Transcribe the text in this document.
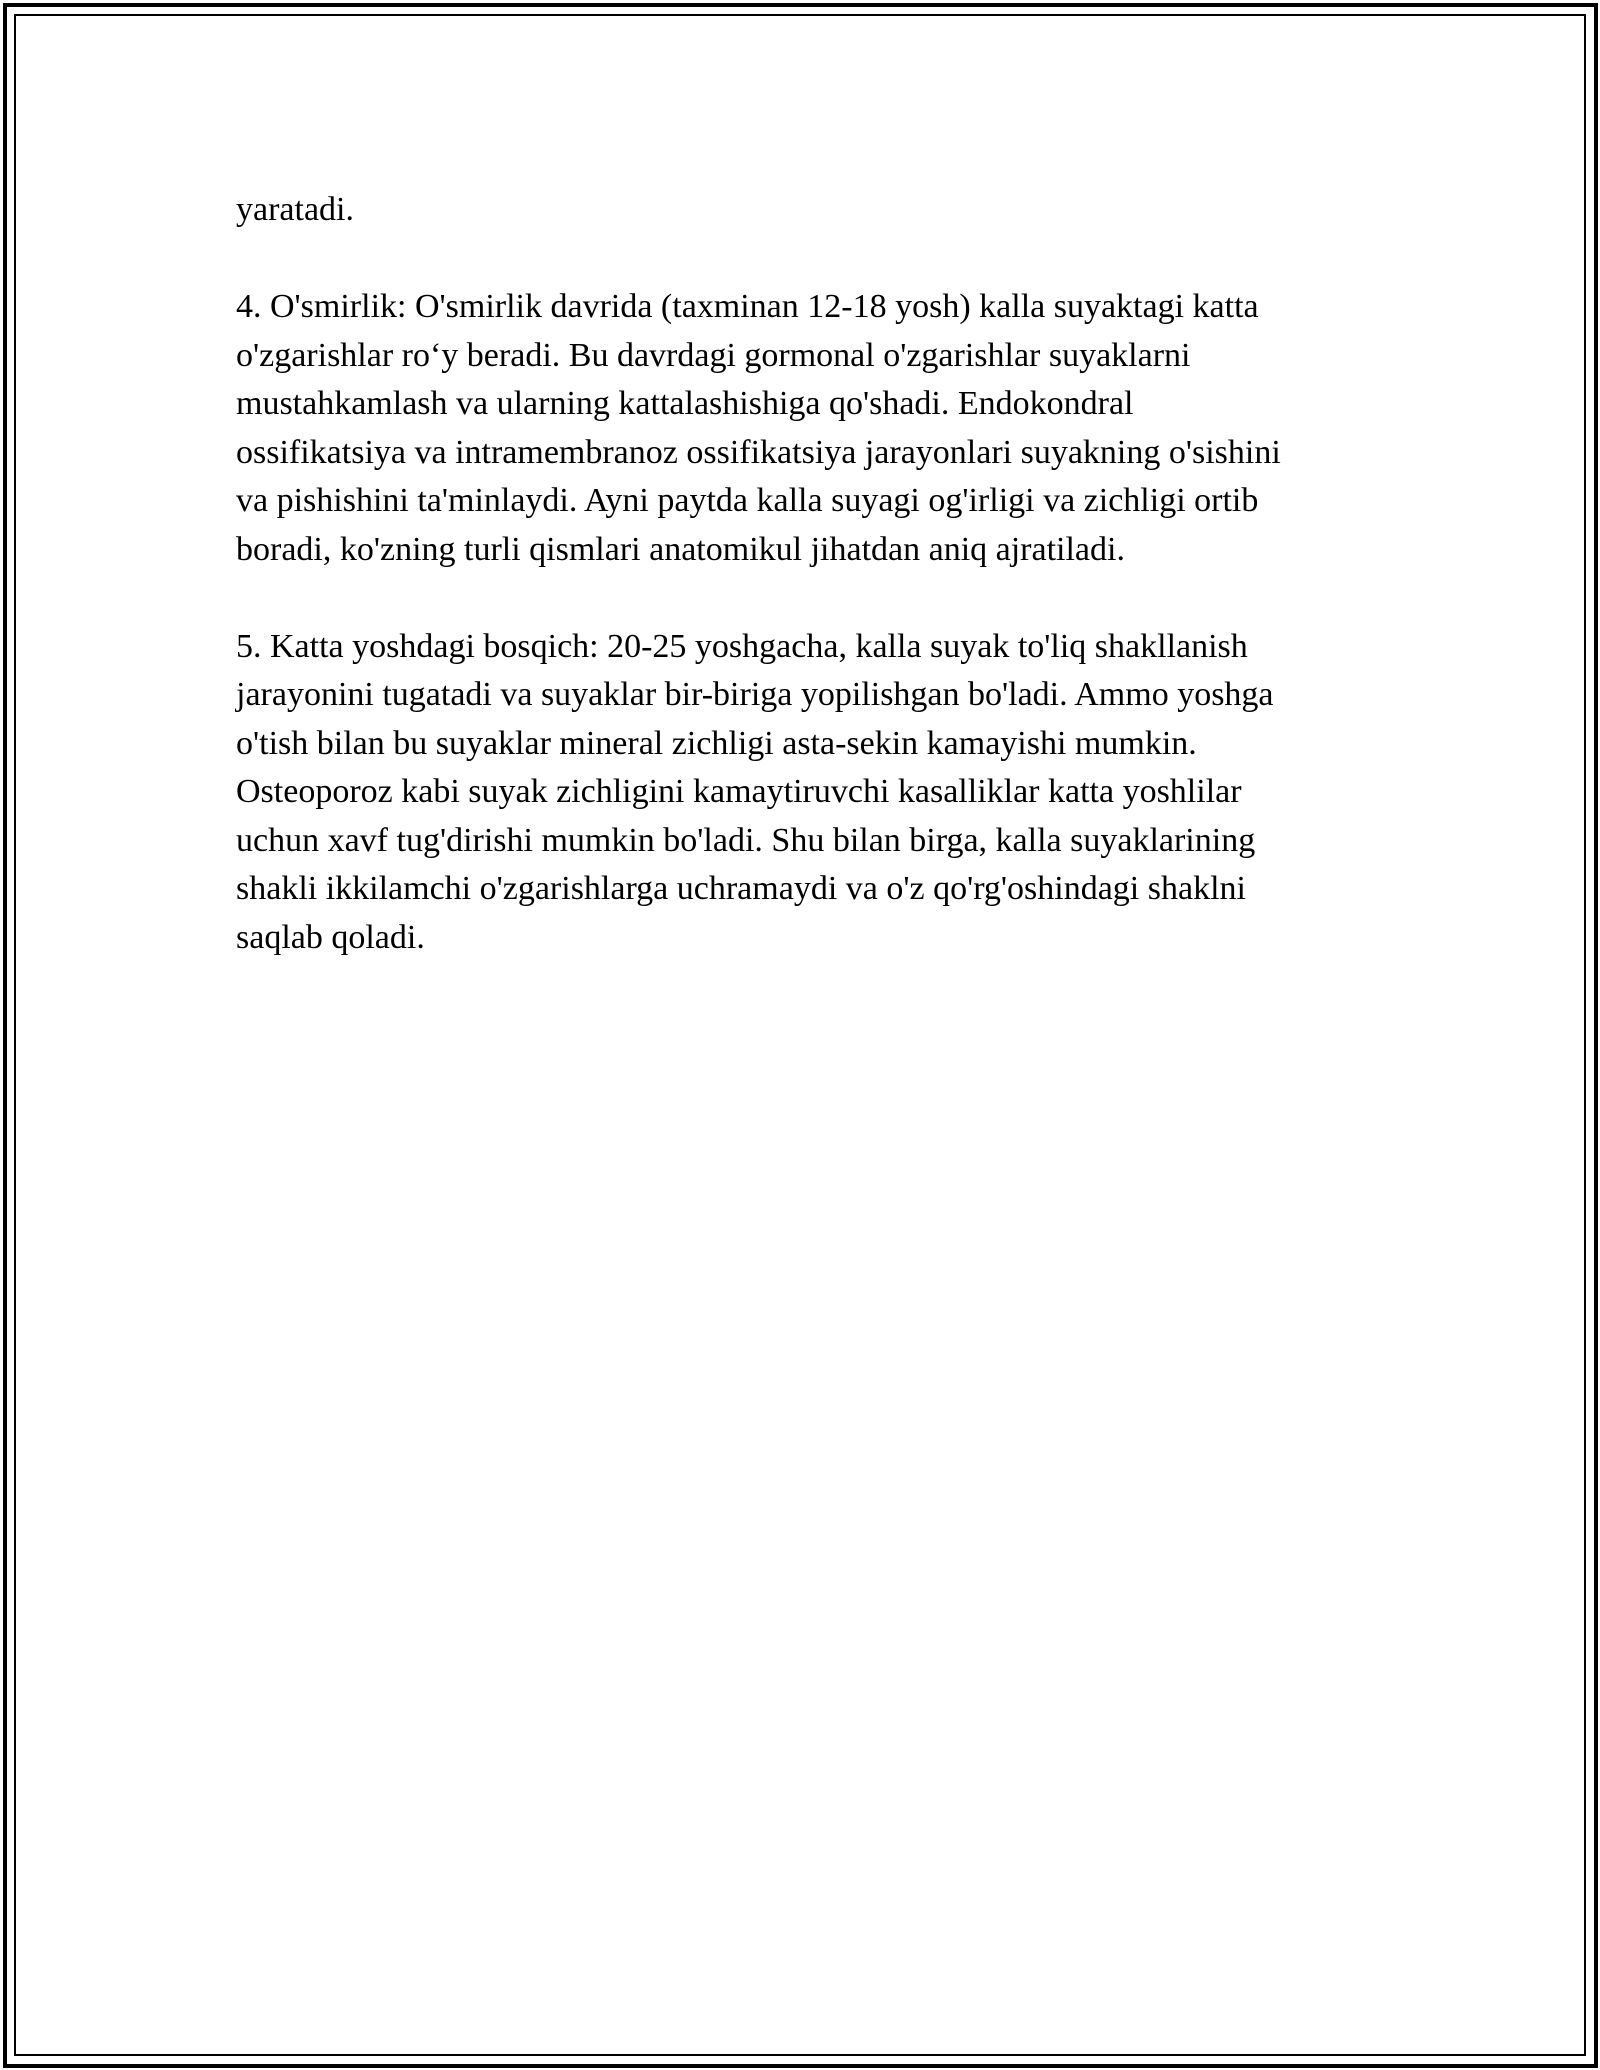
yaratadi.

4. O'smirlik: O'smirlik davrida (taxminan 12-18 yosh) kalla suyaktagi katta
o'zgarishlar ro‘y beradi. Bu davrdagi gormonal o'zgarishlar suyaklarni
mustahkamlash va ularning kattalashishiga qo'shadi. Endokondral
ossifikatsiya va intramembranoz ossifikatsiya jarayonlari suyakning o'sishini
va pishishini ta'minlaydi. Ayni paytda kalla suyagi og'irligi va zichligi ortib
boradi, ko'zning turli qismlari anatomikul jihatdan aniq ajratiladi.

5. Katta yoshdagi bosqich: 20-25 yoshgacha, kalla suyak to'liq shakllanish
jarayonini tugatadi va suyaklar bir-biriga yopilishgan bo'ladi. Ammo yoshga
o'tish bilan bu suyaklar mineral zichligi asta-sekin kamayishi mumkin.
Osteoporoz kabi suyak zichligini kamaytiruvchi kasalliklar katta yoshlilar
uchun xavf tug'dirishi mumkin bo'ladi. Shu bilan birga, kalla suyaklarining
shakli ikkilamchi o'zgarishlarga uchramaydi va o'z qo'rg'oshindagi shaklni
saqlab qoladi.
